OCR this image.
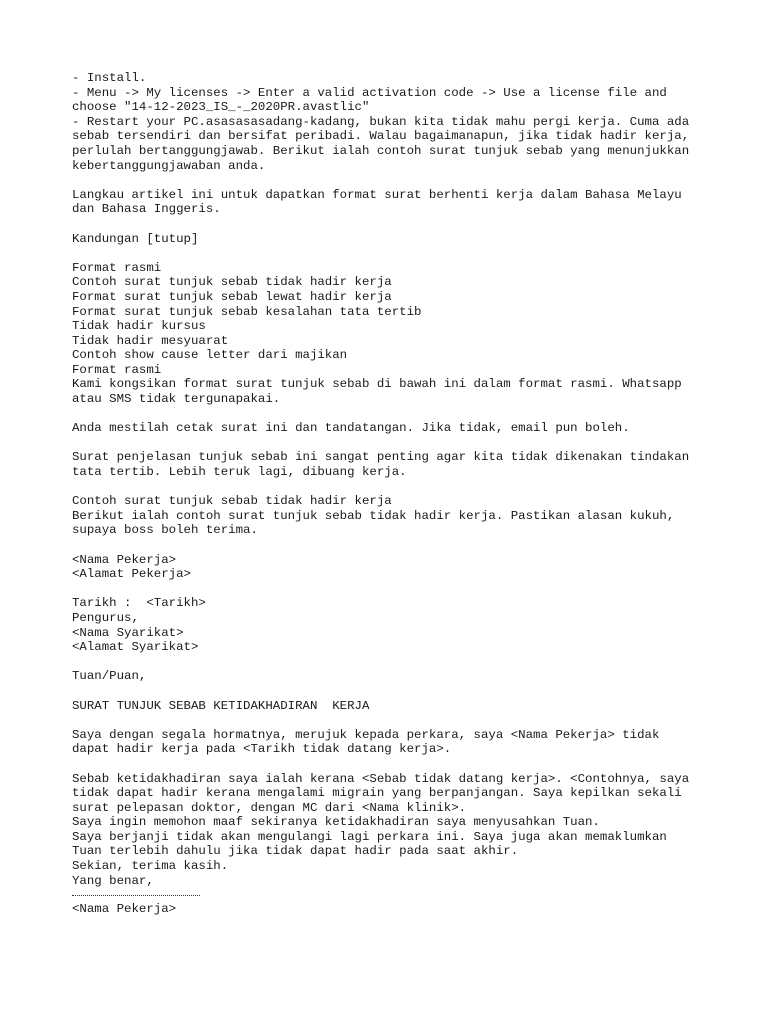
- Install.
- Menu -> My licenses -> Enter a valid activation code -> Use a license file and
choose "14-12-2023_IS_-_2020PR.avastlic"
- Restart your PC.asasasasadang-kadang, bukan kita tidak mahu pergi kerja. Cuma ada
sebab tersendiri dan bersifat peribadi. Walau bagaimanapun, jika tidak hadir kerja,
perlulah bertanggungjawab. Berikut ialah contoh surat tunjuk sebab yang menunjukkan
kebertanggungjawaban anda.
Langkau artikel ini untuk dapatkan format surat berhenti kerja dalam Bahasa Melayu
dan Bahasa Inggeris.
Kandungan [tutup]
Format rasmi
Contoh surat tunjuk sebab tidak hadir kerja
Format surat tunjuk sebab lewat hadir kerja
Format surat tunjuk sebab kesalahan tata tertib
Tidak hadir kursus
Tidak hadir mesyuarat
Contoh show cause letter dari majikan
Format rasmi
Kami kongsikan format surat tunjuk sebab di bawah ini dalam format rasmi. Whatsapp
atau SMS tidak tergunapakai.
Anda mestilah cetak surat ini dan tandatangan. Jika tidak, email pun boleh.
Surat penjelasan tunjuk sebab ini sangat penting agar kita tidak dikenakan tindakan
tata tertib. Lebih teruk lagi, dibuang kerja.
Contoh surat tunjuk sebab tidak hadir kerja
Berikut ialah contoh surat tunjuk sebab tidak hadir kerja. Pastikan alasan kukuh,
supaya boss boleh terima.
<Nama Pekerja>
<Alamat Pekerja>
Tarikh :  <Tarikh>
Pengurus,
<Nama Syarikat>
<Alamat Syarikat>
Tuan/Puan,
SURAT TUNJUK SEBAB KETIDAKHADIRAN  KERJA
Saya dengan segala hormatnya, merujuk kepada perkara, saya <Nama Pekerja> tidak
dapat hadir kerja pada <Tarikh tidak datang kerja>.
Sebab ketidakhadiran saya ialah kerana <Sebab tidak datang kerja>. <Contohnya, saya
tidak dapat hadir kerana mengalami migrain yang berpanjangan. Saya kepilkan sekali
surat pelepasan doktor, dengan MC dari <Nama klinik>.
Saya ingin memohon maaf sekiranya ketidakhadiran saya menyusahkan Tuan.
Saya berjanji tidak akan mengulangi lagi perkara ini. Saya juga akan memaklumkan
Tuan terlebih dahulu jika tidak dapat hadir pada saat akhir.
Sekian, terima kasih.
Yang benar,
<Nama Pekerja>
